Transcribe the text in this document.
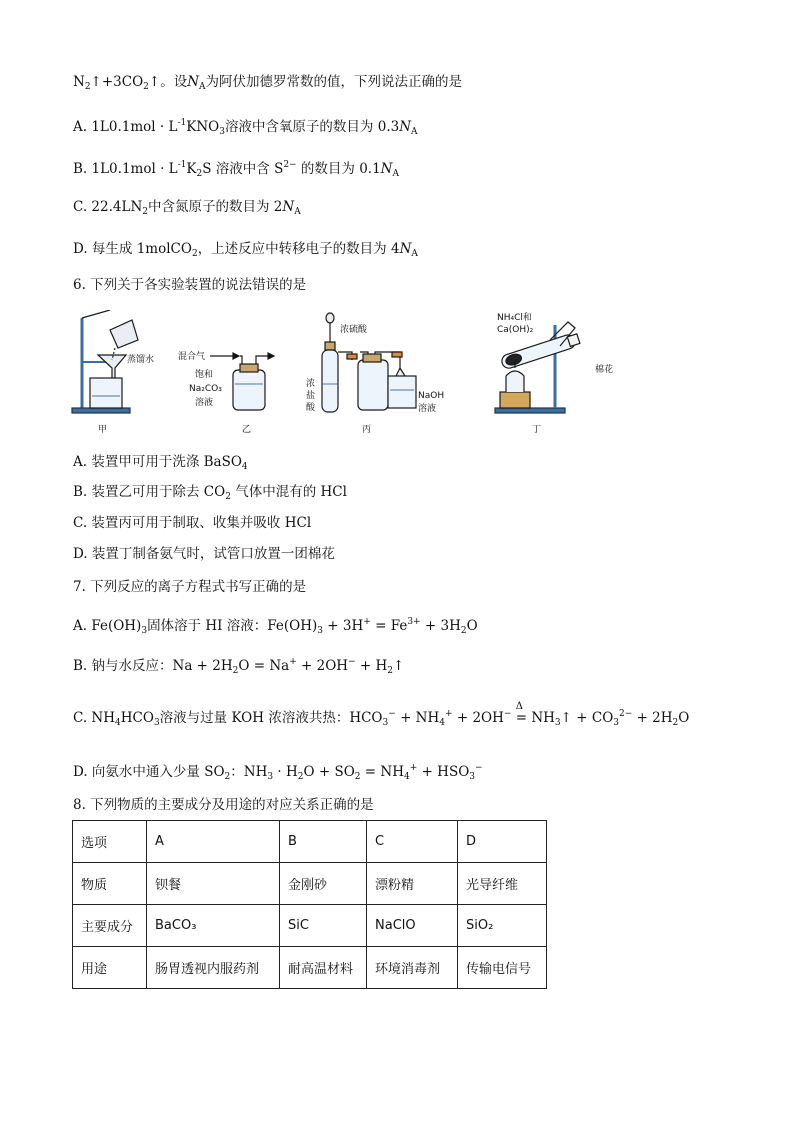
$N_2↑+3CO_2↑$。设$N_A$为阿伏加德罗常数的值，下列说法正确的是
A. $1L0.1mol \cdot L^{-1}KNO_3$溶液中含氧原子的数目为 $0.3N_A$
B. $1L0.1mol \cdot L^{-1}K_2S$ 溶液中含 $S^{2-}$ 的数目为 $0.1N_A$
C. $22.4LN_2$中含氮原子的数目为 $2N_A$
D. 每生成 1molCO$_2$，上述反应中转移电子的数目为 $4N_A$
6. 下列关于各实验装置的说法错误的是
蒸馏水
甲
混合气
饱和
Na₂CO₃
溶液
乙
浓硫酸
浓
盐
酸
NaOH
溶液
丙
NH₄Cl和
Ca(OH)₂
棉花
丁
A. 装置甲可用于洗涤 BaSO$_4$
B. 装置乙可用于除去 $CO_2$ 气体中混有的 HCl
C. 装置丙可用于制取、收集并吸收 HCl
D. 装置丁制备氨气时，试管口放置一团棉花
7. 下列反应的离子方程式书写正确的是
A. $Fe(OH)_3$固体溶于 HI 溶液：$Fe(OH)_3 + 3H^+ = Fe^{3+} + 3H_2O$
B. 钠与水反应：$Na + 2H_2O = Na^+ + 2OH^-$ + $H_2↑$
C. $NH_4HCO_3$溶液与过量 KOH 浓溶液共热：$HCO_3^- + NH_4^+ + 2OH^-$ =
Δ
$NH_3↑ + CO_3^{2-} + 2H_2O$
D. 向氨水中通入少量 $SO_2$：$NH_3 \cdot H_2O + SO_2 = NH_4^+ + HSO_3^-$
8. 下列物质的主要成分及用途的对应关系正确的是
选项	A	B	C	D
物质	钡餐	金刚砂	漂粉精	光导纤维
主要成分	BaCO₃	SiC	NaClO	SiO₂
用途	肠胃透视内服药剂	耐高温材料	环境消毒剂	传输电信号
